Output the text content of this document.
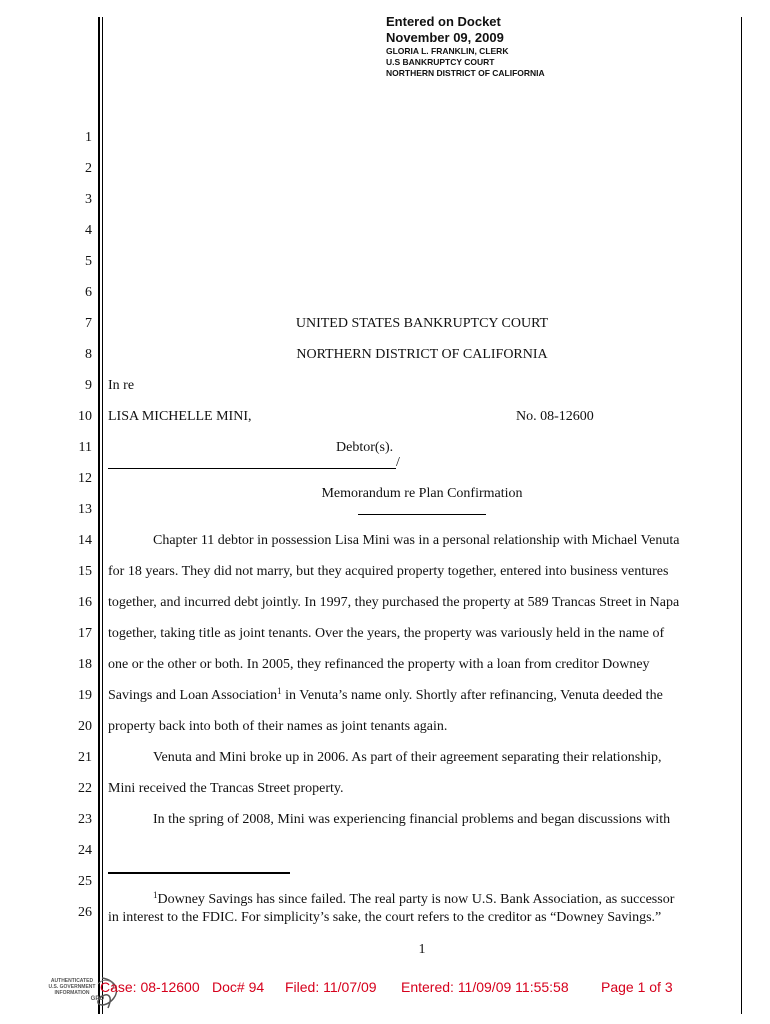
Entered on Docket
November 09, 2009
GLORIA L. FRANKLIN, CLERK
U.S BANKRUPTCY COURT
NORTHERN DISTRICT OF CALIFORNIA
1
2
3
4
5
6
7
8
9
10
11
12
13
14
15
16
17
18
19
20
21
22
23
24
25
26
UNITED STATES BANKRUPTCY COURT
NORTHERN DISTRICT OF CALIFORNIA
In re
LISA MICHELLE MINI,	No. 08-12600
Debtor(s).
/
Memorandum re Plan Confirmation
Chapter 11 debtor in possession Lisa Mini was in a personal relationship with Michael Venuta
for 18 years. They did not marry, but they acquired property together, entered into business ventures
together, and incurred debt jointly. In 1997, they purchased the property at 589 Trancas Street in Napa
together, taking title as joint tenants. Over the years, the property was variously held in the name of
one or the other or both. In 2005, they refinanced the property with a loan from creditor Downey
Savings and Loan Association$^1$ in Venuta’s name only. Shortly after refinancing, Venuta deeded the
property back into both of their names as joint tenants again.
Venuta and Mini broke up in 2006. As part of their agreement separating their relationship,
Mini received the Trancas Street property.
In the spring of 2008, Mini was experiencing financial problems and began discussions with
$^1$Downey Savings has since failed. The real party is now U.S. Bank Association, as successor
in interest to the FDIC. For simplicity’s sake, the court refers to the creditor as “Downey Savings.”
1
AUTHENTICATED
U.S. GOVERNMENT
INFORMATION
GPO
Case: 08-12600 Doc# 94 Filed: 11/07/09 Entered: 11/09/09 11:55:58 Page 1 of 3
